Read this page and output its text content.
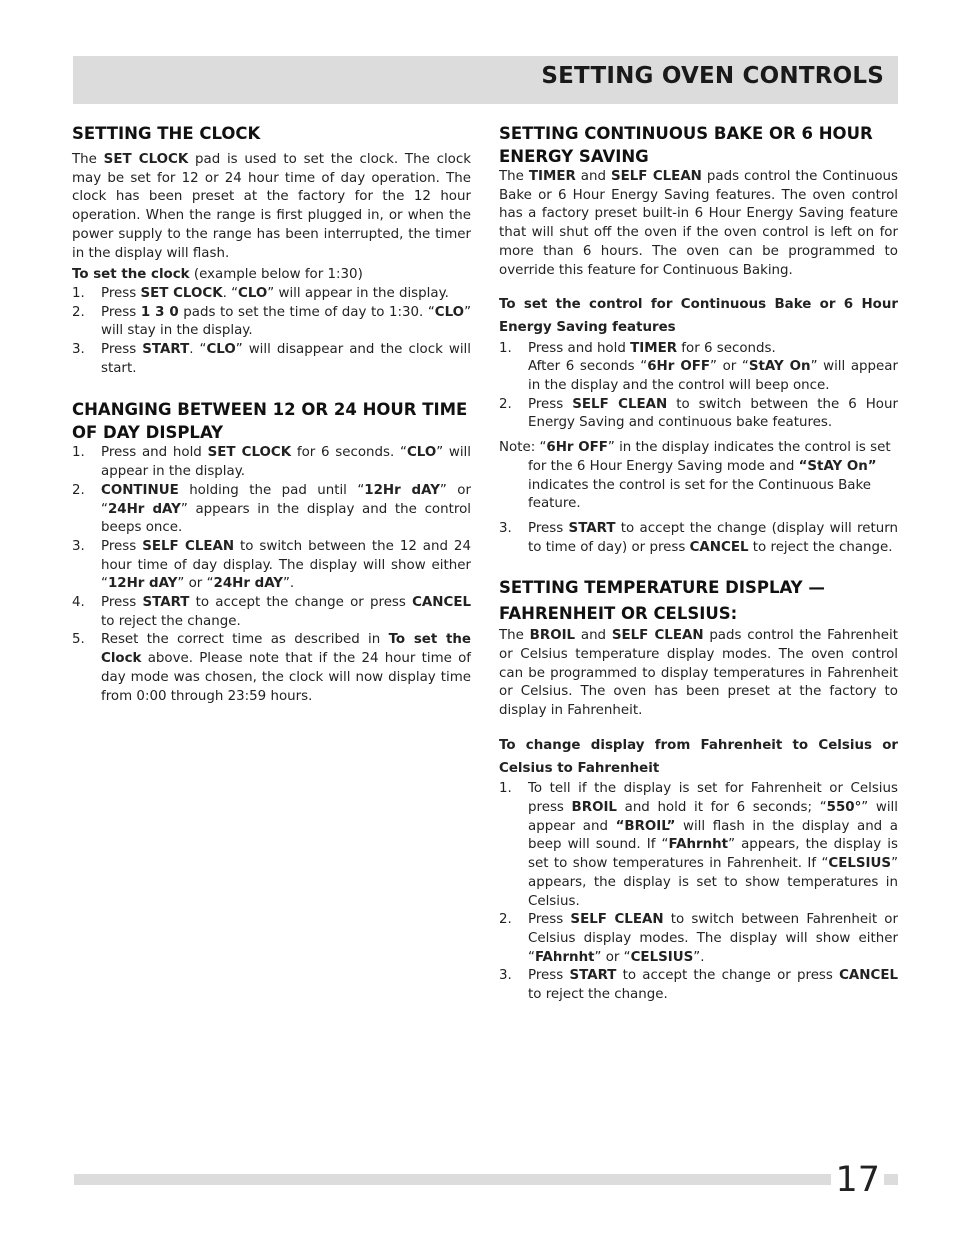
SETTING OVEN CONTROLS
SETTING THE CLOCK

The SET CLOCK pad is used to set the clock. The clock may be set for 12 or 24 hour time of day operation. The clock has been preset at the factory for the 12 hour operation. When the range is first plugged in, or when the power supply to the range has been interrupted, the timer in the display will flash.

To set the clock (example below for 1:30)

1. Press SET CLOCK. “CLO” will appear in the display.
2. Press 1 3 0 pads to set the time of day to 1:30. “CLO” will stay in the display.
3. Press START. “CLO” will disappear and the clock will start.
CHANGING BETWEEN 12 OR 24 HOUR TIME OF DAY DISPLAY
1. Press and hold SET CLOCK for 6 seconds. “CLO” will appear in the display.
2. CONTINUE holding the pad until “12Hr dAY” or “24Hr dAY” appears in the display and the control beeps once.
3. Press SELF CLEAN to switch between the 12 and 24 hour time of day display. The display will show either “12Hr dAY” or “24Hr dAY”.
4. Press START to accept the change or press CANCEL to reject the change.
5. Reset the correct time as described in To set the Clock above. Please note that if the 24 hour time of day mode was chosen, the clock will now display time from 0:00 through 23:59 hours.
SETTING CONTINUOUS BAKE OR 6 HOUR ENERGY SAVING

The TIMER and SELF CLEAN pads control the Continuous Bake or 6 Hour Energy Saving features. The oven control has a factory preset built-in 6 Hour Energy Saving feature that will shut off the oven if the oven control is left on for more than 6 hours. The oven can be programmed to override this feature for Continuous Baking.

To set the control for Continuous Bake or 6 Hour Energy Saving features
1. Press and hold TIMER for 6 seconds.
After 6 seconds “6Hr OFF” or “StAY On” will appear in the display and the control will beep once.
2. Press SELF CLEAN to switch between the 6 Hour Energy Saving and continuous bake features.

Note: “6Hr OFF” in the display indicates the control is set for the 6 Hour Energy Saving mode and “StAY On” indicates the control is set for the Continuous Bake feature.

3. Press START to accept the change (display will return to time of day) or press CANCEL to reject the change.
SETTING TEMPERATURE DISPLAY — FAHRENHEIT OR CELSIUS:

The BROIL and SELF CLEAN pads control the Fahrenheit or Celsius temperature display modes. The oven control can be programmed to display temperatures in Fahrenheit or Celsius. The oven has been preset at the factory to display in Fahrenheit.

To change display from Fahrenheit to Celsius or Celsius to Fahrenheit
1. To tell if the display is set for Fahrenheit or Celsius press BROIL and hold it for 6 seconds; “550°” will appear and “BROIL” will flash in the display and a beep will sound. If “FAhrnht” appears, the display is set to show temperatures in Fahrenheit. If “CELSIUS” appears, the display is set to show temperatures in Celsius.
2. Press SELF CLEAN to switch between Fahrenheit or Celsius display modes. The display will show either “FAhrnht” or “CELSIUS”.
3. Press START to accept the change or press CANCEL to reject the change.
17
